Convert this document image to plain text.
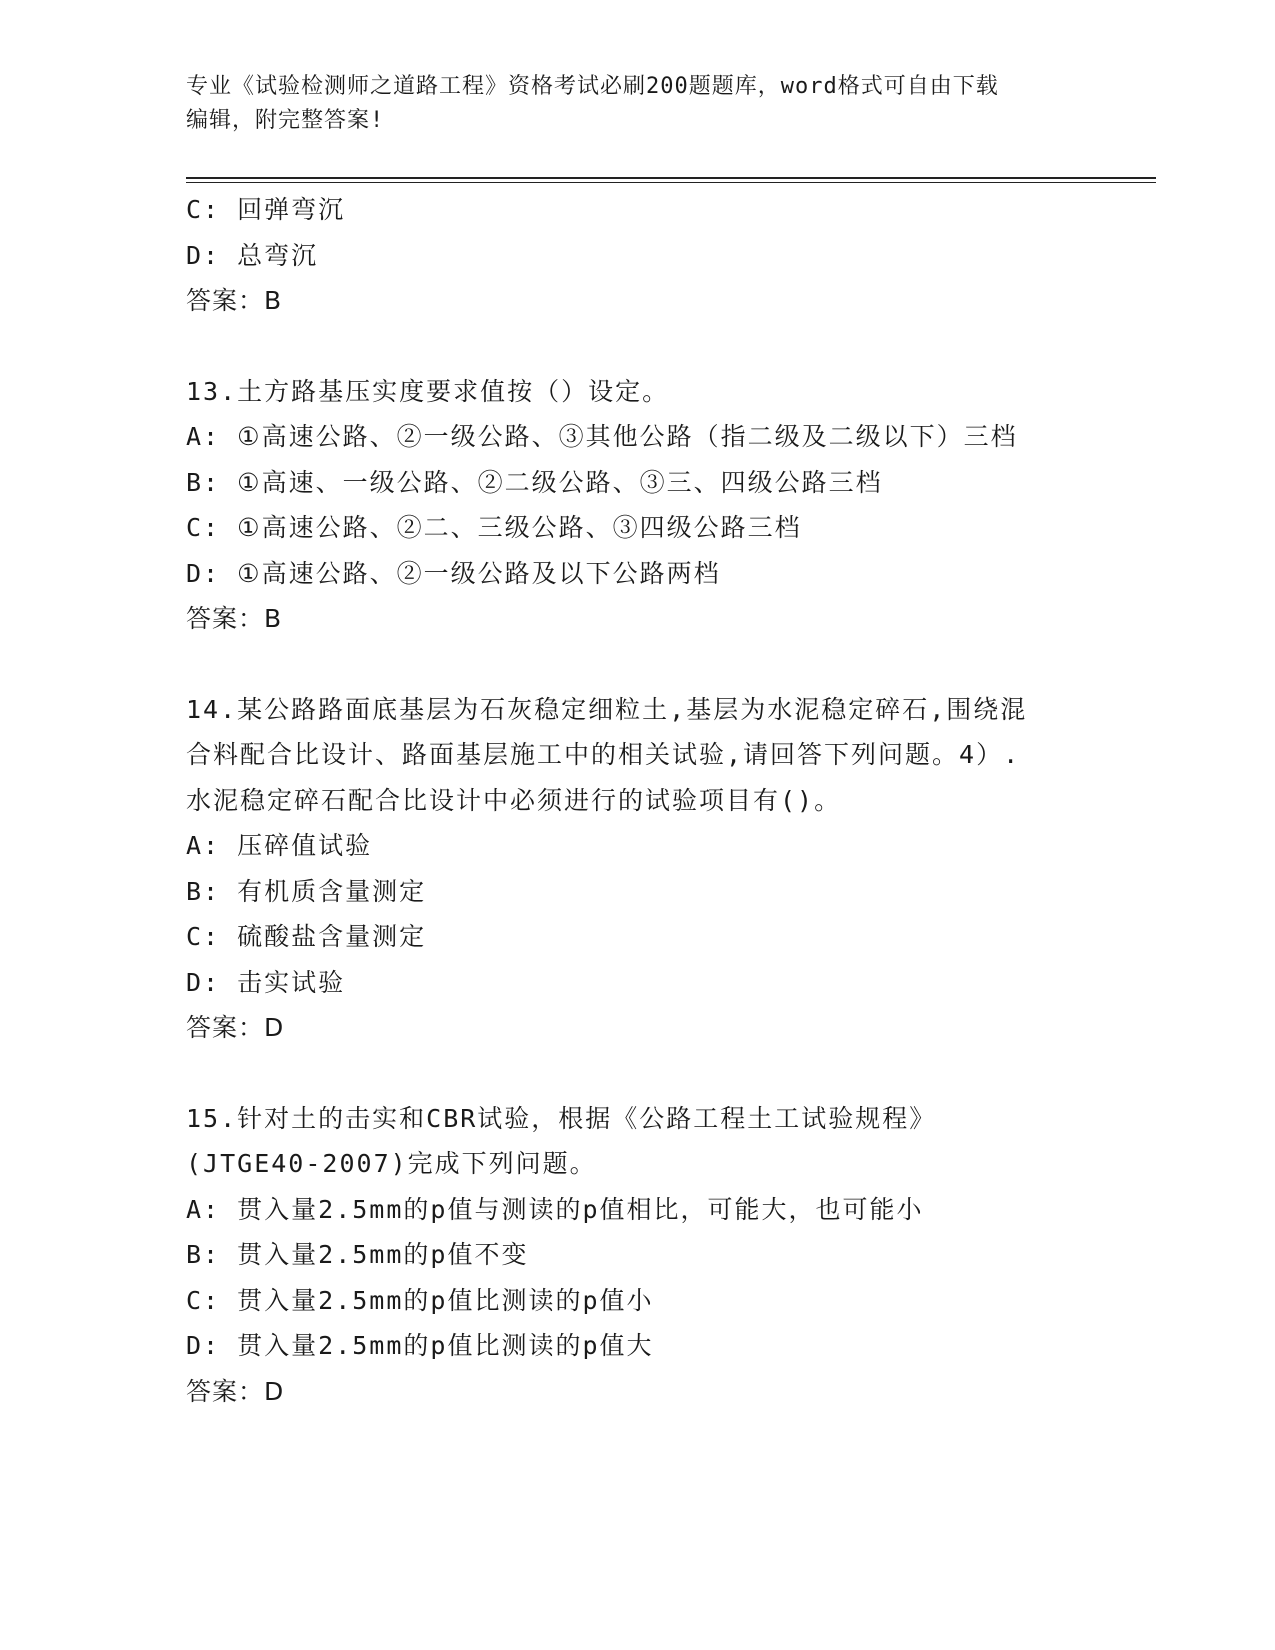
专业《试验检测师之道路工程》资格考试必刷200题题库，word格式可自由下载
编辑，附完整答案!
C: 回弹弯沉
D: 总弯沉
答案：B
13.土方路基压实度要求值按（）设定。
A: ①高速公路、②一级公路、③其他公路（指二级及二级以下）三档
B: ①高速、一级公路、②二级公路、③三、四级公路三档
C: ①高速公路、②二、三级公路、③四级公路三档
D: ①高速公路、②一级公路及以下公路两档
答案：B
14.某公路路面底基层为石灰稳定细粒土,基层为水泥稳定碎石,围绕混
合料配合比设计、路面基层施工中的相关试验,请回答下列问题。4）.
水泥稳定碎石配合比设计中必须进行的试验项目有()。
A: 压碎值试验
B: 有机质含量测定
C: 硫酸盐含量测定
D: 击实试验
答案：D
15.针对土的击实和CBR试验，根据《公路工程土工试验规程》
(JTGE40-2007)完成下列问题。
A: 贯入量2.5mm的p值与测读的p值相比，可能大，也可能小
B: 贯入量2.5mm的p值不变
C: 贯入量2.5mm的p值比测读的p值小
D: 贯入量2.5mm的p值比测读的p值大
答案：D
